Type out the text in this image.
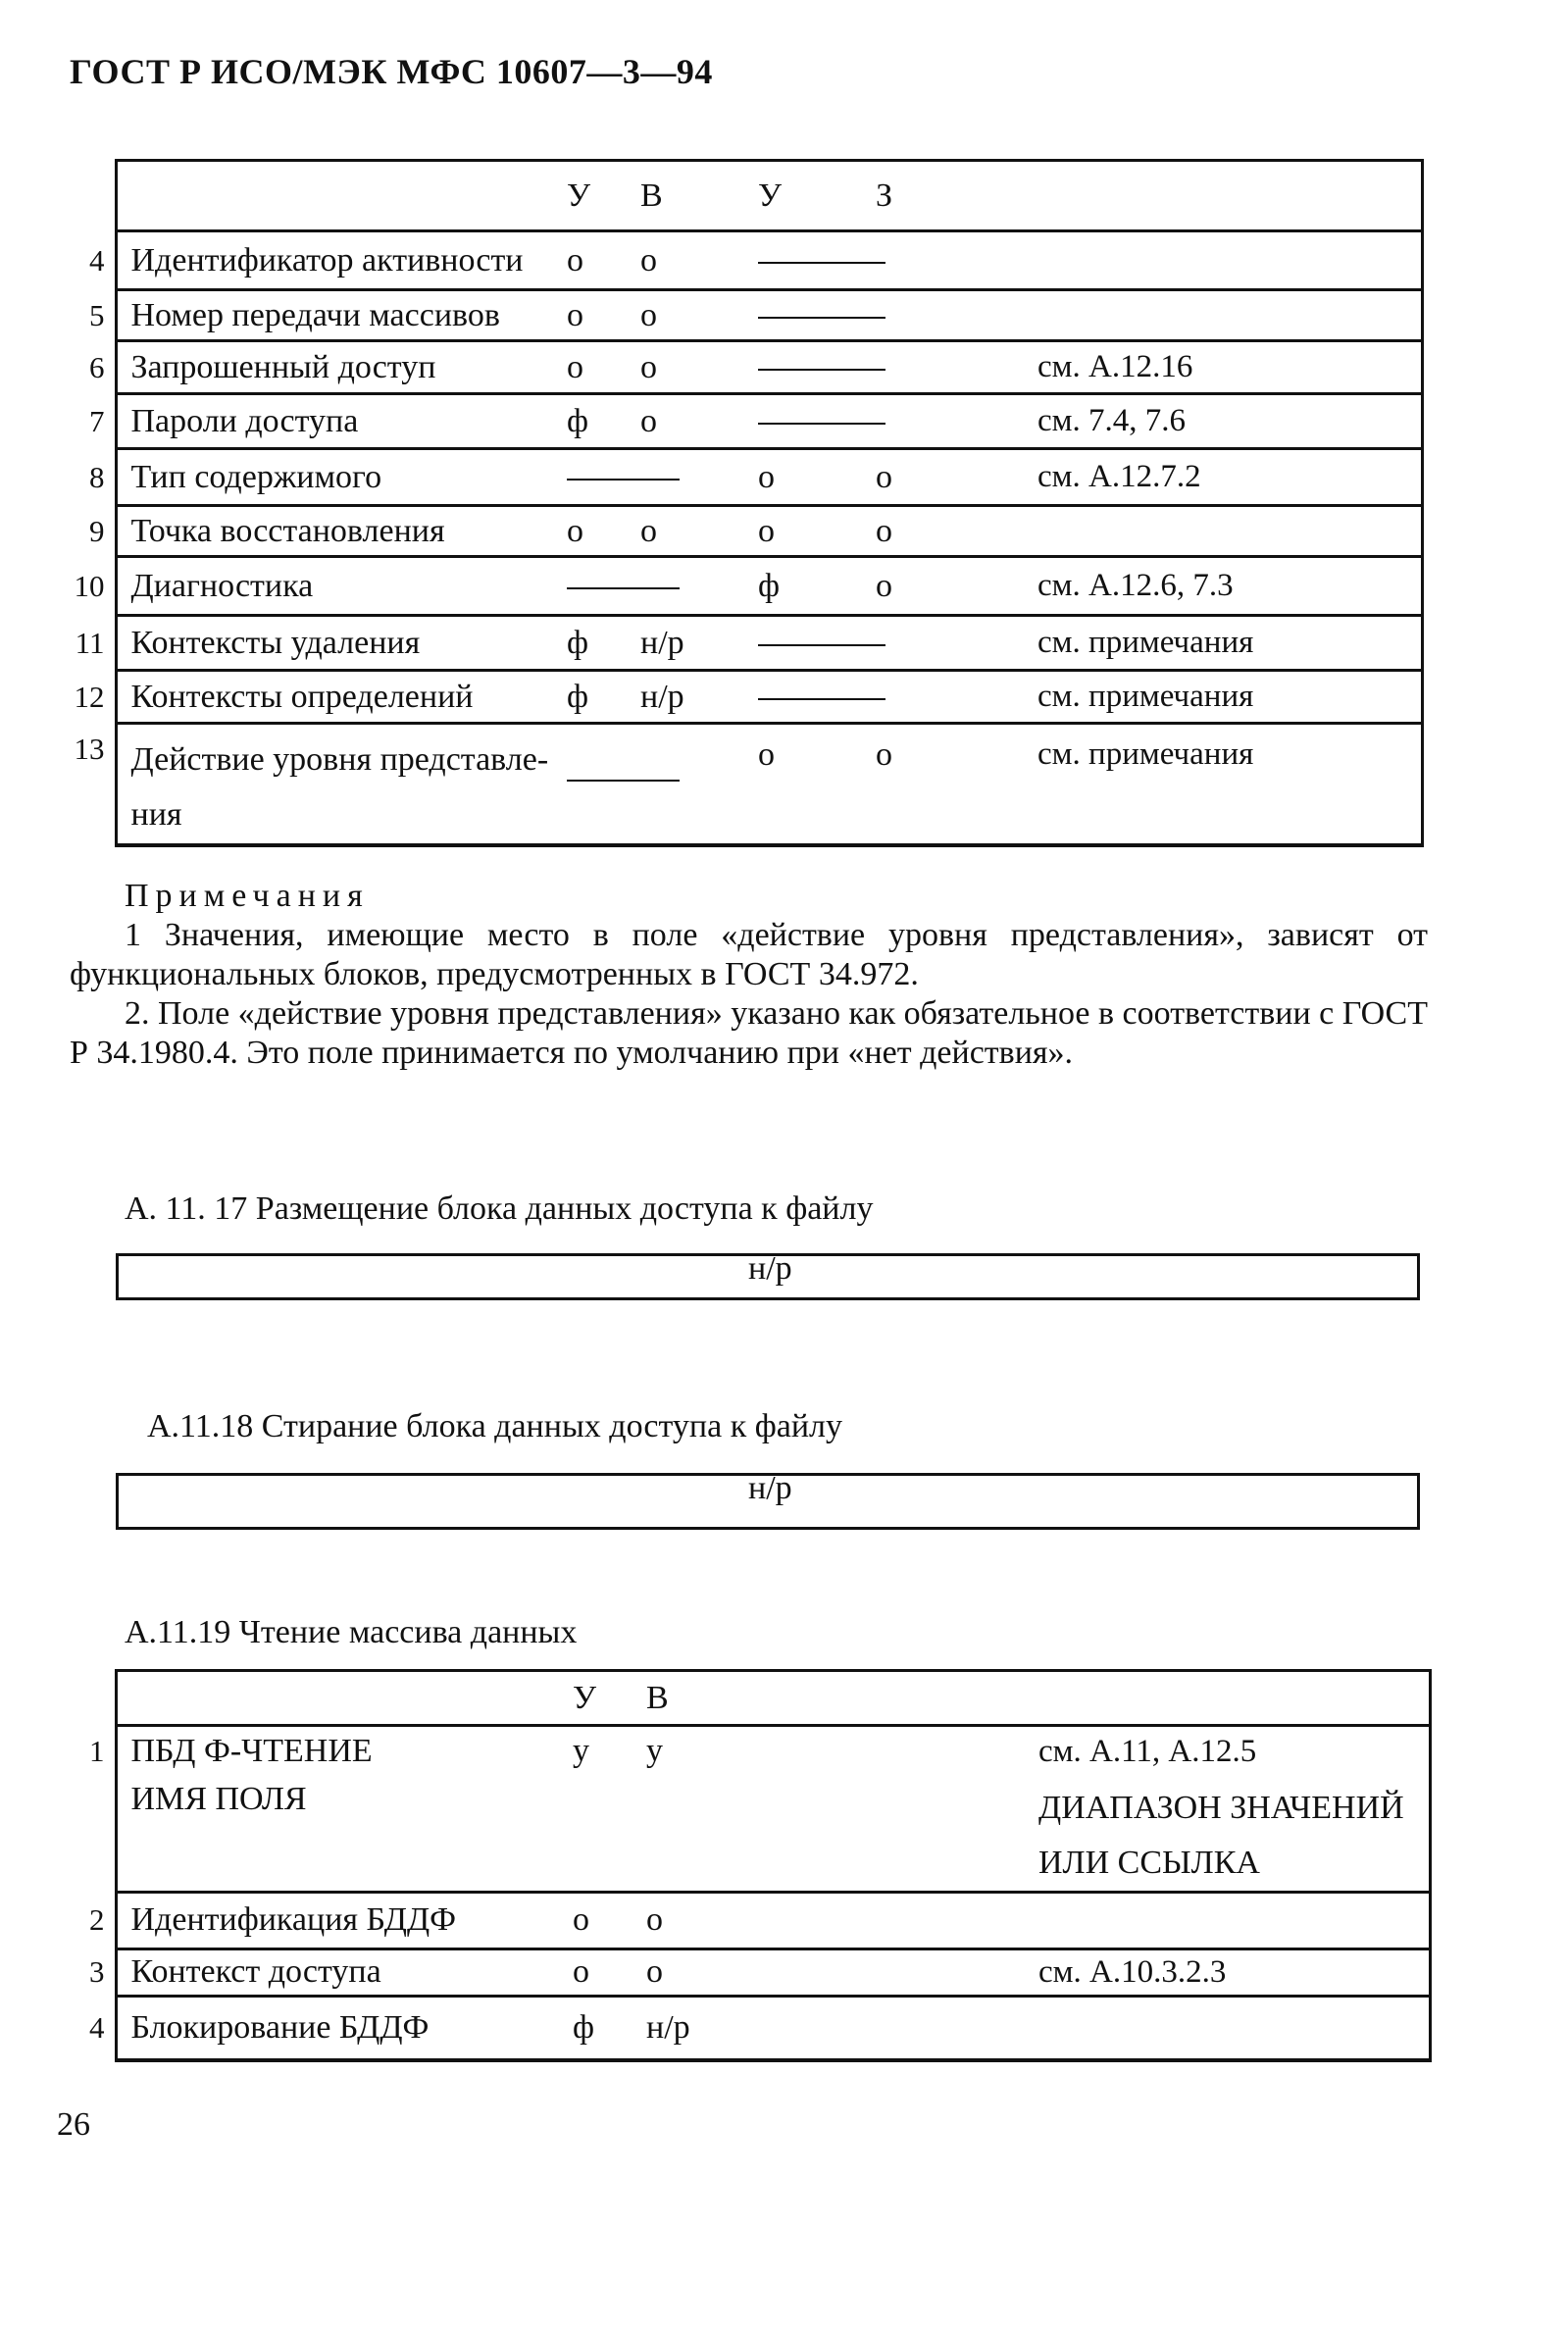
ГОСТ Р ИСО/МЭК МФС 10607—3—94
		У	В	У	З	
4	Идентификатор активности	о	о			
5	Номер передачи массивов	о	о			
6	Запрошенный доступ	о	о			см. А.12.16
7	Пароли доступа	ф	о			см. 7.4, 7.6
8	Тип содержимого			о	о	см. А.12.7.2
9	Точка восстановления	о	о	о	о	
10	Диагностика			ф	о	см. А.12.6, 7.3
11	Контексты удаления	ф	н/р			см. примечания
12	Контексты определений	ф	н/р			см. примечания
13	Действие уровня представле-
ния			о	о	см. примечания
Примечания

1 Значения, имеющие место в поле «действие уровня представления», зависят от функциональных блоков, предусмотренных в ГОСТ 34.972.

2. Поле «действие уровня представления» указано как обязательное в соответствии с ГОСТ Р 34.1980.4. Это поле принимается по умолчанию при «нет действия».

А. 11. 17 Размещение блока данных доступа к файлу
н/р
А.11.18 Стирание блока данных доступа к файлу
н/р
А.11.19 Чтение массива данных
		У	В		
1	ПБД Ф-ЧТЕНИЕ	у	у		см. А.11, А.12.5
	ИМЯ ПОЛЯ				ДИАПАЗОН ЗНАЧЕНИЙ
ИЛИ ССЫЛКА

2	Идентификация БДДФ	о	о		
3	Контекст доступа	о	о		см. А.10.3.2.3
4	Блокирование БДДФ	ф	н/р		
26
